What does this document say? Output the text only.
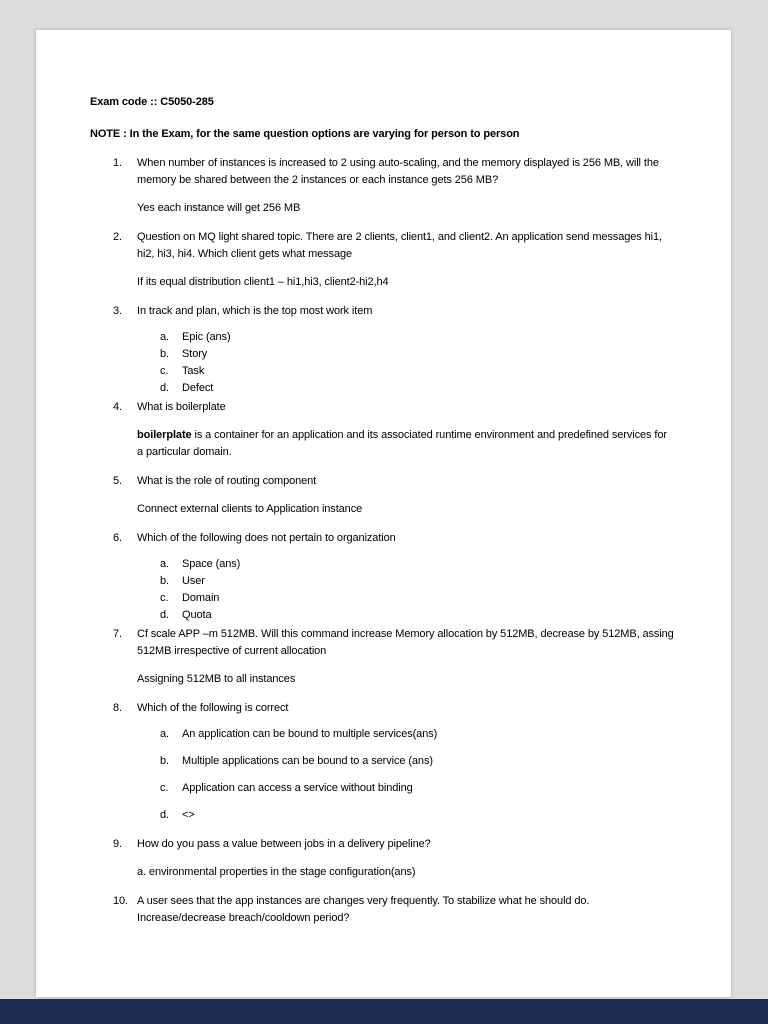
Exam code :: C5050-285

NOTE : In the Exam, for the same question options are varying for person to person

1.	When number of instances is increased to 2 using auto-scaling, and the memory displayed is 256 MB, will the memory be shared between the 2 instances or each instance gets 256 MB?
Yes each instance will get 256 MB
2.	Question on MQ light shared topic. There are 2 clients, client1, and client2. An application send messages hi1, hi2, hi3, hi4. Which client gets what message
If its equal distribution client1 – hi1,hi3, client2-hi2,h4
3.	In track and plan, which is the top most work item
a.	Epic (ans)
b.	Story
c.	Task
d.	Defect
4.	What is boilerplate
boilerplate is a container for an application and its associated runtime environment and predefined services for a particular domain.
5.	What is the role of routing component
Connect external clients to Application instance
6.	Which of the following does not pertain to organization
a.	Space (ans)
b.	User
c.	Domain
d.	Quota
7.	Cf scale APP –m 512MB. Will this command increase Memory allocation by 512MB, decrease by 512MB, assing 512MB irrespective of current allocation
Assigning 512MB to all instances
8.	Which of the following is correct
a.	An application can be bound to multiple services(ans)
b.	Multiple applications can be bound to a service (ans)
c.	Application can access a service without binding
d.	<>
9.	How do you pass a value between jobs in a delivery pipeline?
a. environmental properties in the stage configuration(ans)
10. A user sees that the app instances are changes very frequently. To stabilize what he should do. Increase/decrease breach/cooldown period?
